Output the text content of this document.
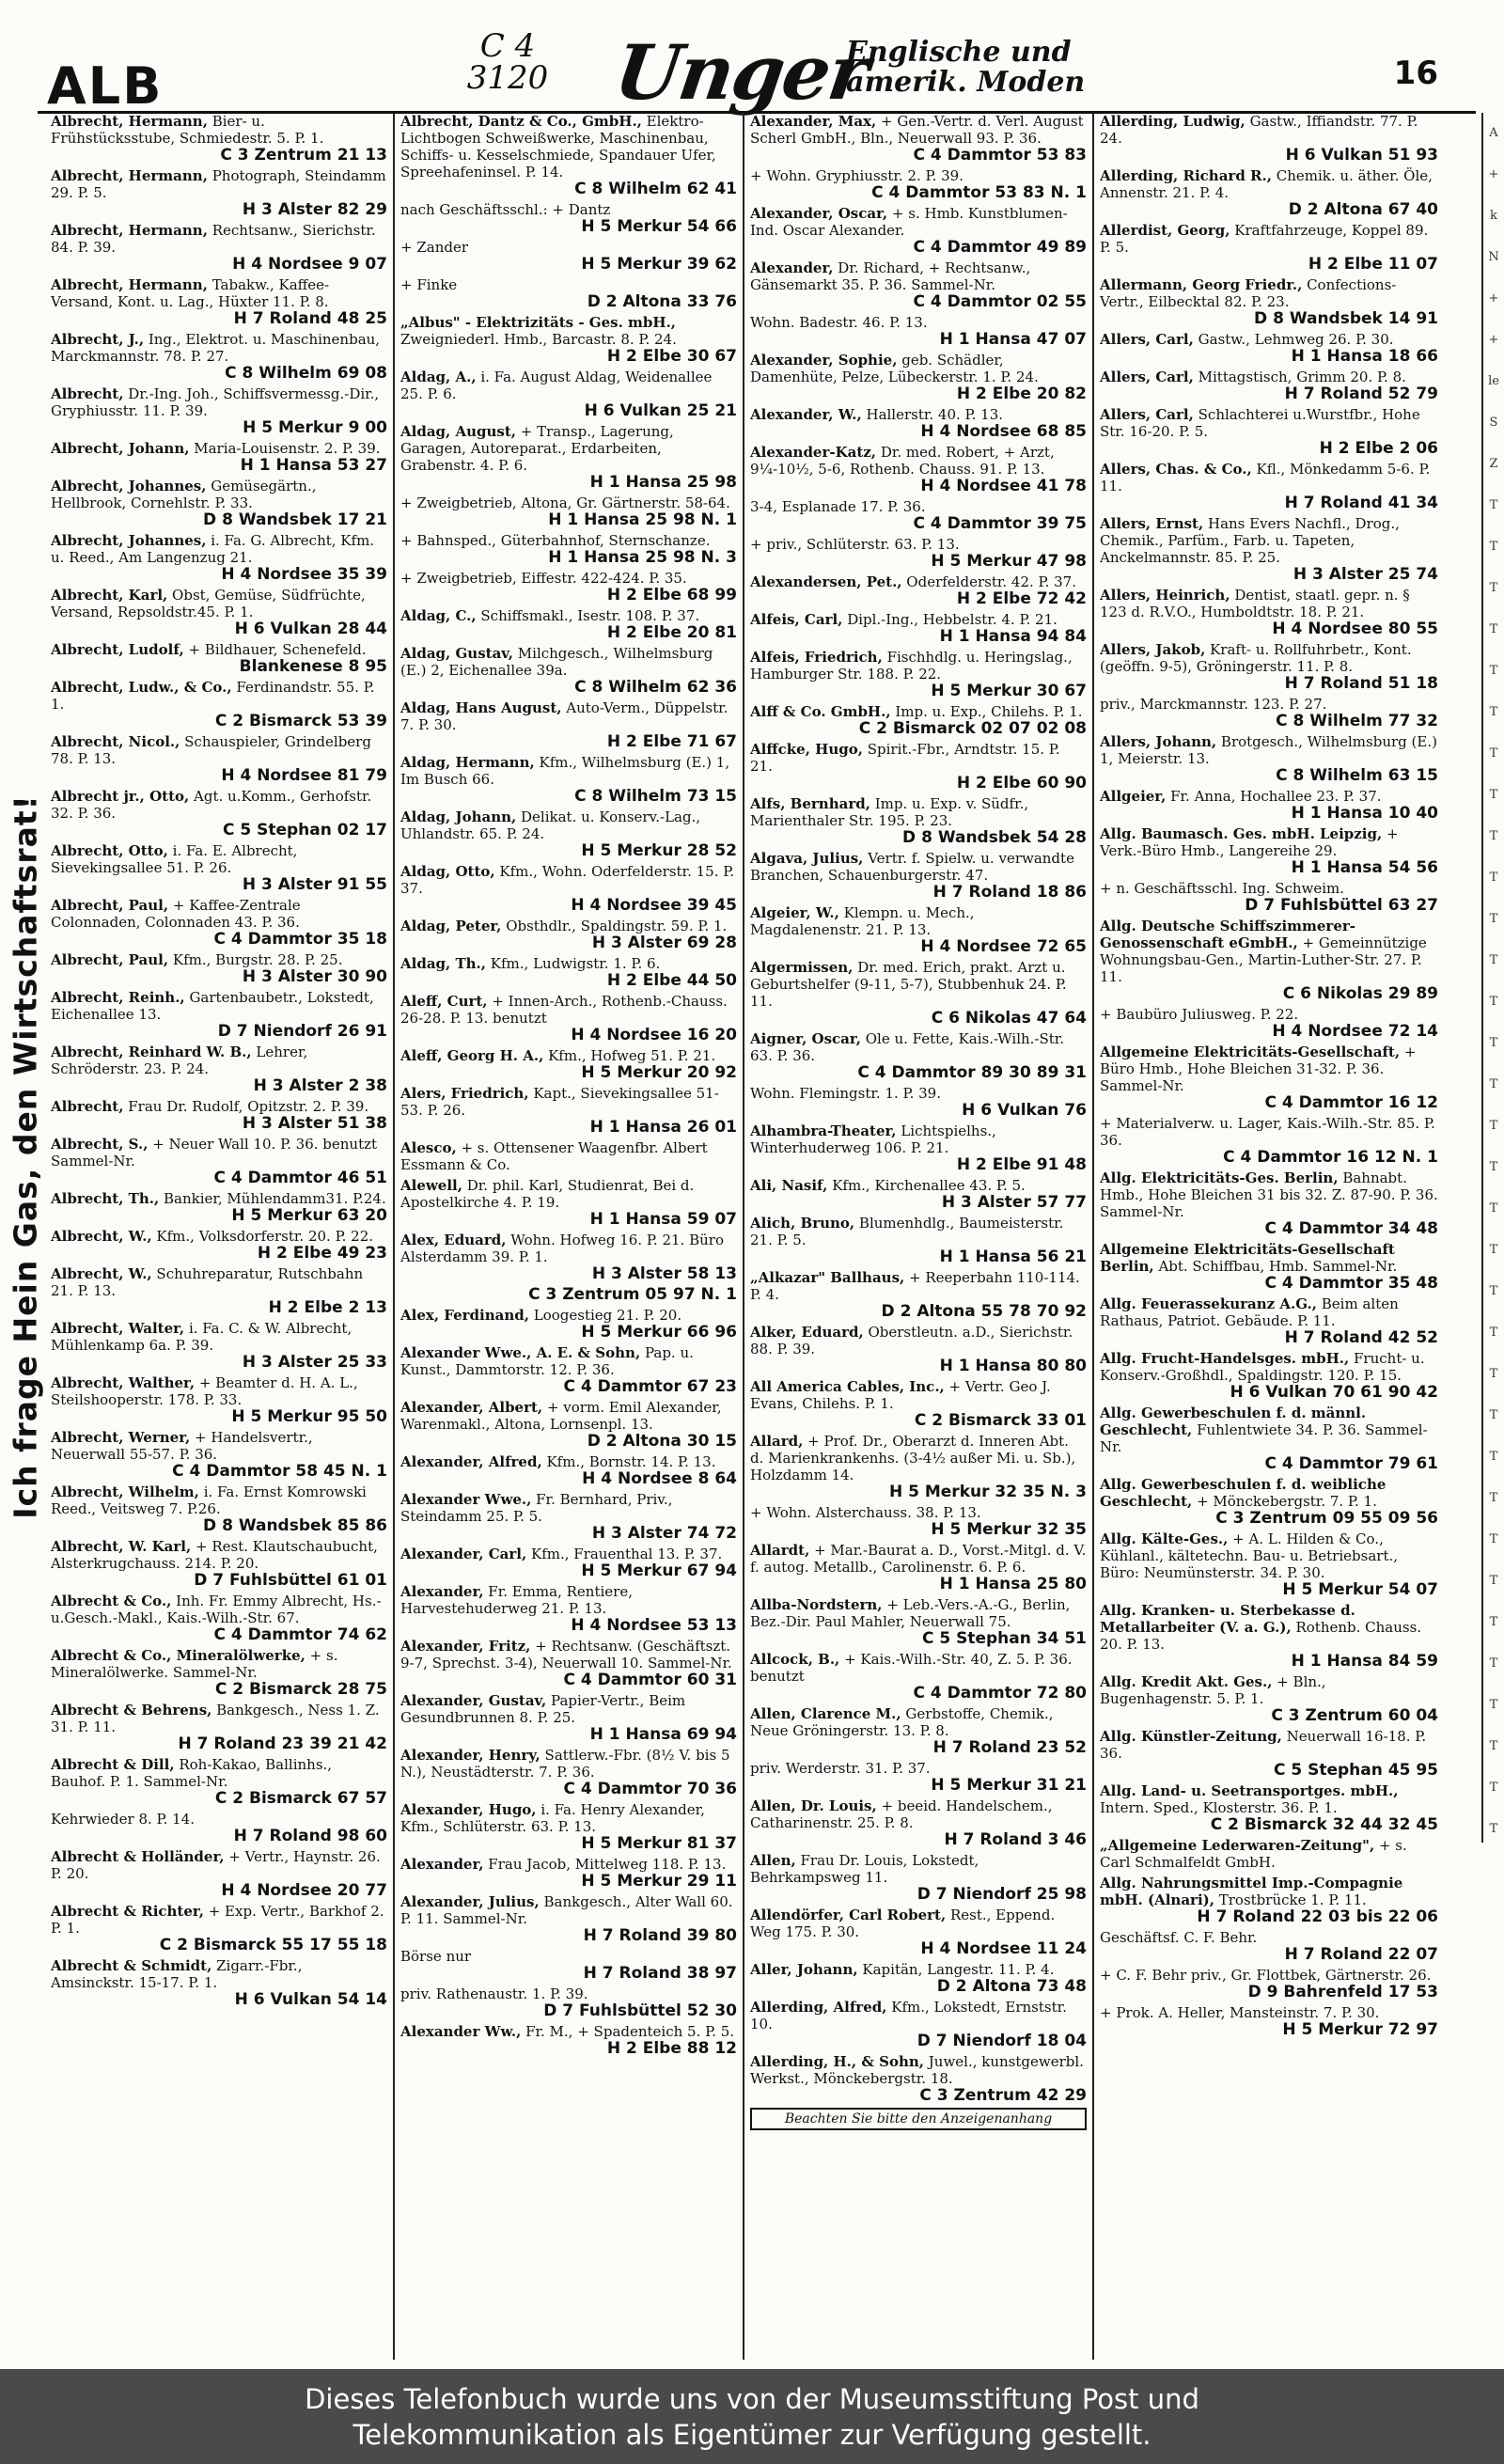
ALB
C 4
3120 Unger
Englische und
amerik. Moden	16
Ich frage Hein Gas, den Wirtschaftsrat!
Albrecht, Hermann, Bier- u. Frühstücksstube, Schmiedestr. 5. P. 1.
C 3 Zentrum 21 13
Albrecht, Hermann, Photograph, Steindamm 29. P. 5.
H 3 Alster 82 29
Albrecht, Hermann, Rechtsanw., Sierichstr. 84. P. 39.
H 4 Nordsee 9 07
Albrecht, Hermann, Tabakw., Kaffee-Versand, Kont. u. Lag., Hüxter 11. P. 8.
H 7 Roland 48 25
Albrecht, J., Ing., Elektrot. u. Maschinenbau, Marckmannstr. 78. P. 27.
C 8 Wilhelm 69 08
Albrecht, Dr.-Ing. Joh., Schiffsvermessg.-Dir., Gryphiusstr. 11. P. 39.
H 5 Merkur 9 00
Albrecht, Johann, Maria-Louisenstr. 2. P. 39.
H 1 Hansa 53 27
Albrecht, Johannes, Gemüsegärtn., Hellbrook, Cornehlstr. P. 33.
D 8 Wandsbek 17 21
Albrecht, Johannes, i. Fa. G. Albrecht, Kfm. u. Reed., Am Langenzug 21.
H 4 Nordsee 35 39
Albrecht, Karl, Obst, Gemüse, Südfrüchte, Versand, Repsoldstr.45. P. 1.
H 6 Vulkan 28 44
Albrecht, Ludolf, + Bildhauer, Schenefeld.
Blankenese 8 95
Albrecht, Ludw., & Co., Ferdinandstr. 55. P. 1.
C 2 Bismarck 53 39
Albrecht, Nicol., Schauspieler, Grindelberg 78. P. 13.
H 4 Nordsee 81 79
Albrecht jr., Otto, Agt. u.Komm., Gerhofstr. 32. P. 36.
C 5 Stephan 02 17
Albrecht, Otto, i. Fa. E. Albrecht, Sievekingsallee 51. P. 26.
H 3 Alster 91 55
Albrecht, Paul, + Kaffee-Zentrale Colonnaden, Colonnaden 43. P. 36.
C 4 Dammtor 35 18
Albrecht, Paul, Kfm., Burgstr. 28. P. 25.
H 3 Alster 30 90
Albrecht, Reinh., Gartenbaubetr., Lokstedt, Eichenallee 13.
D 7 Niendorf 26 91
Albrecht, Reinhard W. B., Lehrer, Schröderstr. 23. P. 24.
H 3 Alster 2 38
Albrecht, Frau Dr. Rudolf, Opitzstr. 2. P. 39.
H 3 Alster 51 38
Albrecht, S., + Neuer Wall 10. P. 36. benutzt Sammel-Nr.
C 4 Dammtor 46 51
Albrecht, Th., Bankier, Mühlendamm31. P.24.
H 5 Merkur 63 20
Albrecht, W., Kfm., Volksdorferstr. 20. P. 22.
H 2 Elbe 49 23
Albrecht, W., Schuhreparatur, Rutschbahn 21. P. 13.
H 2 Elbe 2 13
Albrecht, Walter, i. Fa. C. & W. Albrecht, Mühlenkamp 6a. P. 39.
H 3 Alster 25 33
Albrecht, Walther, + Beamter d. H. A. L., Steilshooperstr. 178. P. 33.
H 5 Merkur 95 50
Albrecht, Werner, + Handelsvertr., Neuerwall 55-57. P. 36.
C 4 Dammtor 58 45 N. 1
Albrecht, Wilhelm, i. Fa. Ernst Komrowski Reed., Veitsweg 7. P.26.
D 8 Wandsbek 85 86
Albrecht, W. Karl, + Rest. Klautschaubucht, Alsterkrugchauss. 214. P. 20.
D 7 Fuhlsbüttel 61 01
Albrecht & Co., Inh. Fr. Emmy Albrecht, Hs.-u.Gesch.-Makl., Kais.-Wilh.-Str. 67.
C 4 Dammtor 74 62
Albrecht & Co., Mineralölwerke, + s. Mineralölwerke. Sammel-Nr.
C 2 Bismarck 28 75
Albrecht & Behrens, Bankgesch., Ness 1. Z. 31. P. 11.
H 7 Roland 23 39 21 42
Albrecht & Dill, Roh-Kakao, Ballinhs., Bauhof. P. 1. Sammel-Nr.
C 2 Bismarck 67 57
Kehrwieder 8. P. 14.
H 7 Roland 98 60
Albrecht & Holländer, + Vertr., Haynstr. 26. P. 20.
H 4 Nordsee 20 77
Albrecht & Richter, + Exp. Vertr., Barkhof 2. P. 1.
C 2 Bismarck 55 17 55 18
Albrecht & Schmidt, Zigarr.-Fbr., Amsinckstr. 15-17. P. 1.
H 6 Vulkan 54 14
Albrecht, Dantz & Co., GmbH., Elektro-Lichtbogen Schweißwerke, Maschinenbau, Schiffs- u. Kesselschmiede, Spandauer Ufer, Spreehafeninsel. P. 14.
C 8 Wilhelm 62 41
nach Geschäftsschl.: + Dantz
H 5 Merkur 54 66
+ Zander
H 5 Merkur 39 62
+ Finke
D 2 Altona 33 76
„Albus" - Elektrizitäts - Ges. mbH., Zweigniederl. Hmb., Barcastr. 8. P. 24.
H 2 Elbe 30 67
Aldag, A., i. Fa. August Aldag, Weidenallee 25. P. 6.
H 6 Vulkan 25 21
Aldag, August, + Transp., Lagerung, Garagen, Autoreparat., Erdarbeiten, Grabenstr. 4. P. 6.
H 1 Hansa 25 98
+ Zweigbetrieb, Altona, Gr. Gärtnerstr. 58-64.
H 1 Hansa 25 98 N. 1
+ Bahnsped., Güterbahnhof, Sternschanze.
H 1 Hansa 25 98 N. 3
+ Zweigbetrieb, Eiffestr. 422-424. P. 35.
H 2 Elbe 68 99
Aldag, C., Schiffsmakl., Isestr. 108. P. 37.
H 2 Elbe 20 81
Aldag, Gustav, Milchgesch., Wilhelmsburg (E.) 2, Eichenallee 39a.
C 8 Wilhelm 62 36
Aldag, Hans August, Auto-Verm., Düppelstr. 7. P. 30.
H 2 Elbe 71 67
Aldag, Hermann, Kfm., Wilhelmsburg (E.) 1, Im Busch 66.
C 8 Wilhelm 73 15
Aldag, Johann, Delikat. u. Konserv.-Lag., Uhlandstr. 65. P. 24.
H 5 Merkur 28 52
Aldag, Otto, Kfm., Wohn. Oderfelderstr. 15. P. 37.
H 4 Nordsee 39 45
Aldag, Peter, Obsthdlr., Spaldingstr. 59. P. 1.
H 3 Alster 69 28
Aldag, Th., Kfm., Ludwigstr. 1. P. 6.
H 2 Elbe 44 50
Aleff, Curt, + Innen-Arch., Rothenb.-Chauss. 26-28. P. 13. benutzt
H 4 Nordsee 16 20
Aleff, Georg H. A., Kfm., Hofweg 51. P. 21.
H 5 Merkur 20 92
Alers, Friedrich, Kapt., Sievekingsallee 51-53. P. 26.
H 1 Hansa 26 01
Alesco, + s. Ottensener Waagenfbr. Albert Essmann & Co.
Alewell, Dr. phil. Karl, Studienrat, Bei d. Apostelkirche 4. P. 19.
H 1 Hansa 59 07
Alex, Eduard, Wohn. Hofweg 16. P. 21. Büro Alsterdamm 39. P. 1.
H 3 Alster 58 13
C 3 Zentrum 05 97 N. 1
Alex, Ferdinand, Loogestieg 21. P. 20.
H 5 Merkur 66 96
Alexander Wwe., A. E. & Sohn, Pap. u. Kunst., Dammtorstr. 12. P. 36.
C 4 Dammtor 67 23
Alexander, Albert, + vorm. Emil Alexander, Warenmakl., Altona, Lornsenpl. 13.
D 2 Altona 30 15
Alexander, Alfred, Kfm., Bornstr. 14. P. 13.
H 4 Nordsee 8 64
Alexander Wwe., Fr. Bernhard, Priv., Steindamm 25. P. 5.
H 3 Alster 74 72
Alexander, Carl, Kfm., Frauenthal 13. P. 37.
H 5 Merkur 67 94
Alexander, Fr. Emma, Rentiere, Harvestehuderweg 21. P. 13.
H 4 Nordsee 53 13
Alexander, Fritz, + Rechtsanw. (Geschäftszt. 9-7, Sprechst. 3-4), Neuerwall 10. Sammel-Nr.
C 4 Dammtor 60 31
Alexander, Gustav, Papier-Vertr., Beim Gesundbrunnen 8. P. 25.
H 1 Hansa 69 94
Alexander, Henry, Sattlerw.-Fbr. (8½ V. bis 5 N.), Neustädterstr. 7. P. 36.
C 4 Dammtor 70 36
Alexander, Hugo, i. Fa. Henry Alexander, Kfm., Schlüterstr. 63. P. 13.
H 5 Merkur 81 37
Alexander, Frau Jacob, Mittelweg 118. P. 13.
H 5 Merkur 29 11
Alexander, Julius, Bankgesch., Alter Wall 60. P. 11. Sammel-Nr.
H 7 Roland 39 80
Börse nur
H 7 Roland 38 97
priv. Rathenaustr. 1. P. 39.
D 7 Fuhlsbüttel 52 30
Alexander Ww., Fr. M., + Spadenteich 5. P. 5.
H 2 Elbe 88 12
Alexander, Max, + Gen.-Vertr. d. Verl. August Scherl GmbH., Bln., Neuerwall 93. P. 36.
C 4 Dammtor 53 83
+ Wohn. Gryphiusstr. 2. P. 39.
C 4 Dammtor 53 83 N. 1
Alexander, Oscar, + s. Hmb. Kunstblumen-Ind. Oscar Alexander.
C 4 Dammtor 49 89
Alexander, Dr. Richard, + Rechtsanw., Gänsemarkt 35. P. 36. Sammel-Nr.
C 4 Dammtor 02 55
Wohn. Badestr. 46. P. 13.
H 1 Hansa 47 07
Alexander, Sophie, geb. Schädler, Damenhüte, Pelze, Lübeckerstr. 1. P. 24.
H 2 Elbe 20 82
Alexander, W., Hallerstr. 40. P. 13.
H 4 Nordsee 68 85
Alexander-Katz, Dr. med. Robert, + Arzt, 9¼-10½, 5-6, Rothenb. Chauss. 91. P. 13.
H 4 Nordsee 41 78
3-4, Esplanade 17. P. 36.
C 4 Dammtor 39 75
+ priv., Schlüterstr. 63. P. 13.
H 5 Merkur 47 98
Alexandersen, Pet., Oderfelderstr. 42. P. 37.
H 2 Elbe 72 42
Alfeis, Carl, Dipl.-Ing., Hebbelstr. 4. P. 21.
H 1 Hansa 94 84
Alfeis, Friedrich, Fischhdlg. u. Heringslag., Hamburger Str. 188. P. 22.
H 5 Merkur 30 67
Alff & Co. GmbH., Imp. u. Exp., Chilehs. P. 1.
C 2 Bismarck 02 07 02 08
Alffcke, Hugo, Spirit.-Fbr., Arndtstr. 15. P. 21.
H 2 Elbe 60 90
Alfs, Bernhard, Imp. u. Exp. v. Südfr., Marienthaler Str. 195. P. 23.
D 8 Wandsbek 54 28
Algava, Julius, Vertr. f. Spielw. u. verwandte Branchen, Schauenburgerstr. 47.
H 7 Roland 18 86
Algeier, W., Klempn. u. Mech., Magdalenenstr. 21. P. 13.
H 4 Nordsee 72 65
Algermissen, Dr. med. Erich, prakt. Arzt u. Geburtshelfer (9-11, 5-7), Stubbenhuk 24. P. 11.
C 6 Nikolas 47 64
Aigner, Oscar, Ole u. Fette, Kais.-Wilh.-Str. 63. P. 36.
C 4 Dammtor 89 30 89 31
Wohn. Flemingstr. 1. P. 39.
H 6 Vulkan 76
Alhambra-Theater, Lichtspielhs., Winterhuderweg 106. P. 21.
H 2 Elbe 91 48
Ali, Nasif, Kfm., Kirchenallee 43. P. 5.
H 3 Alster 57 77
Alich, Bruno, Blumenhdlg., Baumeisterstr. 21. P. 5.
H 1 Hansa 56 21
„Alkazar" Ballhaus, + Reeperbahn 110-114. P. 4.
D 2 Altona 55 78 70 92
Alker, Eduard, Oberstleutn. a.D., Sierichstr. 88. P. 39.
H 1 Hansa 80 80
All America Cables, Inc., + Vertr. Geo J. Evans, Chilehs. P. 1.
C 2 Bismarck 33 01
Allard, + Prof. Dr., Oberarzt d. Inneren Abt. d. Marienkrankenhs. (3-4½ außer Mi. u. Sb.), Holzdamm 14.
H 5 Merkur 32 35 N. 3
+ Wohn. Alsterchauss. 38. P. 13.
H 5 Merkur 32 35
Allardt, + Mar.-Baurat a. D., Vorst.-Mitgl. d. V. f. autog. Metallb., Carolinenstr. 6. P. 6.
H 1 Hansa 25 80
Allba-Nordstern, + Leb.-Vers.-A.-G., Berlin, Bez.-Dir. Paul Mahler, Neuerwall 75.
C 5 Stephan 34 51
Allcock, B., + Kais.-Wilh.-Str. 40, Z. 5. P. 36. benutzt
C 4 Dammtor 72 80
Allen, Clarence M., Gerbstoffe, Chemik., Neue Gröningerstr. 13. P. 8.
H 7 Roland 23 52
priv. Werderstr. 31. P. 37.
H 5 Merkur 31 21
Allen, Dr. Louis, + beeid. Handelschem., Catharinenstr. 25. P. 8.
H 7 Roland 3 46
Allen, Frau Dr. Louis, Lokstedt, Behrkampsweg 11.
D 7 Niendorf 25 98
Allendörfer, Carl Robert, Rest., Eppend. Weg 175. P. 30.
H 4 Nordsee 11 24
Aller, Johann, Kapitän, Langestr. 11. P. 4.
D 2 Altona 73 48
Allerding, Alfred, Kfm., Lokstedt, Ernststr. 10.
D 7 Niendorf 18 04
Allerding, H., & Sohn, Juwel., kunstgewerbl. Werkst., Mönckebergstr. 18.
C 3 Zentrum 42 29
Beachten Sie bitte den Anzeigenanhang
Allerding, Ludwig, Gastw., Iffiandstr. 77. P. 24.
H 6 Vulkan 51 93
Allerding, Richard R., Chemik. u. äther. Öle, Annenstr. 21. P. 4.
D 2 Altona 67 40
Allerdist, Georg, Kraftfahrzeuge, Koppel 89. P. 5.
H 2 Elbe 11 07
Allermann, Georg Friedr., Confections-Vertr., Eilbecktal 82. P. 23.
D 8 Wandsbek 14 91
Allers, Carl, Gastw., Lehmweg 26. P. 30.
H 1 Hansa 18 66
Allers, Carl, Mittagstisch, Grimm 20. P. 8.
H 7 Roland 52 79
Allers, Carl, Schlachterei u.Wurstfbr., Hohe Str. 16-20. P. 5.
H 2 Elbe 2 06
Allers, Chas. & Co., Kfl., Mönkedamm 5-6. P. 11.
H 7 Roland 41 34
Allers, Ernst, Hans Evers Nachfl., Drog., Chemik., Parfüm., Farb. u. Tapeten, Anckelmannstr. 85. P. 25.
H 3 Alster 25 74
Allers, Heinrich, Dentist, staatl. gepr. n. § 123 d. R.V.O., Humboldtstr. 18. P. 21.
H 4 Nordsee 80 55
Allers, Jakob, Kraft- u. Rollfuhrbetr., Kont. (geöffn. 9-5), Gröningerstr. 11. P. 8.
H 7 Roland 51 18
priv., Marckmannstr. 123. P. 27.
C 8 Wilhelm 77 32
Allers, Johann, Brotgesch., Wilhelmsburg (E.) 1, Meierstr. 13.
C 8 Wilhelm 63 15
Allgeier, Fr. Anna, Hochallee 23. P. 37.
H 1 Hansa 10 40
Allg. Baumasch. Ges. mbH. Leipzig, + Verk.-Büro Hmb., Langereihe 29.
H 1 Hansa 54 56
+ n. Geschäftsschl. Ing. Schweim.
D 7 Fuhlsbüttel 63 27
Allg. Deutsche Schiffszimmerer-Genossenschaft eGmbH., + Gemeinnützige Wohnungsbau-Gen., Martin-Luther-Str. 27. P. 11.
C 6 Nikolas 29 89
+ Baubüro Juliusweg. P. 22.
H 4 Nordsee 72 14
Allgemeine Elektricitäts-Gesellschaft, + Büro Hmb., Hohe Bleichen 31-32. P. 36. Sammel-Nr.
C 4 Dammtor 16 12
+ Materialverw. u. Lager, Kais.-Wilh.-Str. 85. P. 36.
C 4 Dammtor 16 12 N. 1
Allg. Elektricitäts-Ges. Berlin, Bahnabt. Hmb., Hohe Bleichen 31 bis 32. Z. 87-90. P. 36. Sammel-Nr.
C 4 Dammtor 34 48
Allgemeine Elektricitäts-Gesellschaft Berlin, Abt. Schiffbau, Hmb. Sammel-Nr.
C 4 Dammtor 35 48
Allg. Feuerassekuranz A.G., Beim alten Rathaus, Patriot. Gebäude. P. 11.
H 7 Roland 42 52
Allg. Frucht-Handelsges. mbH., Frucht- u. Konserv.-Großhdl., Spaldingstr. 120. P. 15.
H 6 Vulkan 70 61 90 42
Allg. Gewerbeschulen f. d. männl. Geschlecht, Fuhlentwiete 34. P. 36. Sammel-Nr.
C 4 Dammtor 79 61
Allg. Gewerbeschulen f. d. weibliche Geschlecht, + Mönckebergstr. 7. P. 1.
C 3 Zentrum 09 55 09 56
Allg. Kälte-Ges., + A. L. Hilden & Co., Kühlanl., kältetechn. Bau- u. Betriebsart., Büro: Neumünsterstr. 34. P. 30.
H 5 Merkur 54 07
Allg. Kranken- u. Sterbekasse d. Metallarbeiter (V. a. G.), Rothenb. Chauss. 20. P. 13.
H 1 Hansa 84 59
Allg. Kredit Akt. Ges., + Bln., Bugenhagenstr. 5. P. 1.
C 3 Zentrum 60 04
Allg. Künstler-Zeitung, Neuerwall 16-18. P. 36.
C 5 Stephan 45 95
Allg. Land- u. Seetransportges. mbH., Intern. Sped., Klosterstr. 36. P. 1.
C 2 Bismarck 32 44 32 45
„Allgemeine Lederwaren-Zeitung", + s. Carl Schmalfeldt GmbH.
Allg. Nahrungsmittel Imp.-Compagnie mbH. (Alnari), Trostbrücke 1. P. 11.
H 7 Roland 22 03 bis 22 06
Geschäftsf. C. F. Behr.
H 7 Roland 22 07
+ C. F. Behr priv., Gr. Flottbek, Gärtnerstr. 26.
D 9 Bahrenfeld 17 53
+ Prok. A. Heller, Mansteinstr. 7. P. 30.
H 5 Merkur 72 97
A
+
k
N
+
+
le
S
Z
T
T
T
T
T
T
T
T
T
T
T
T
T
T
T
T
T
T
T
T
T
T
T
T
T
T
T
T
T
T
T
T
T
Dieses Telefonbuch wurde uns von der Museumsstiftung Post und
Telekommunikation als Eigentümer zur Verfügung gestellt.
